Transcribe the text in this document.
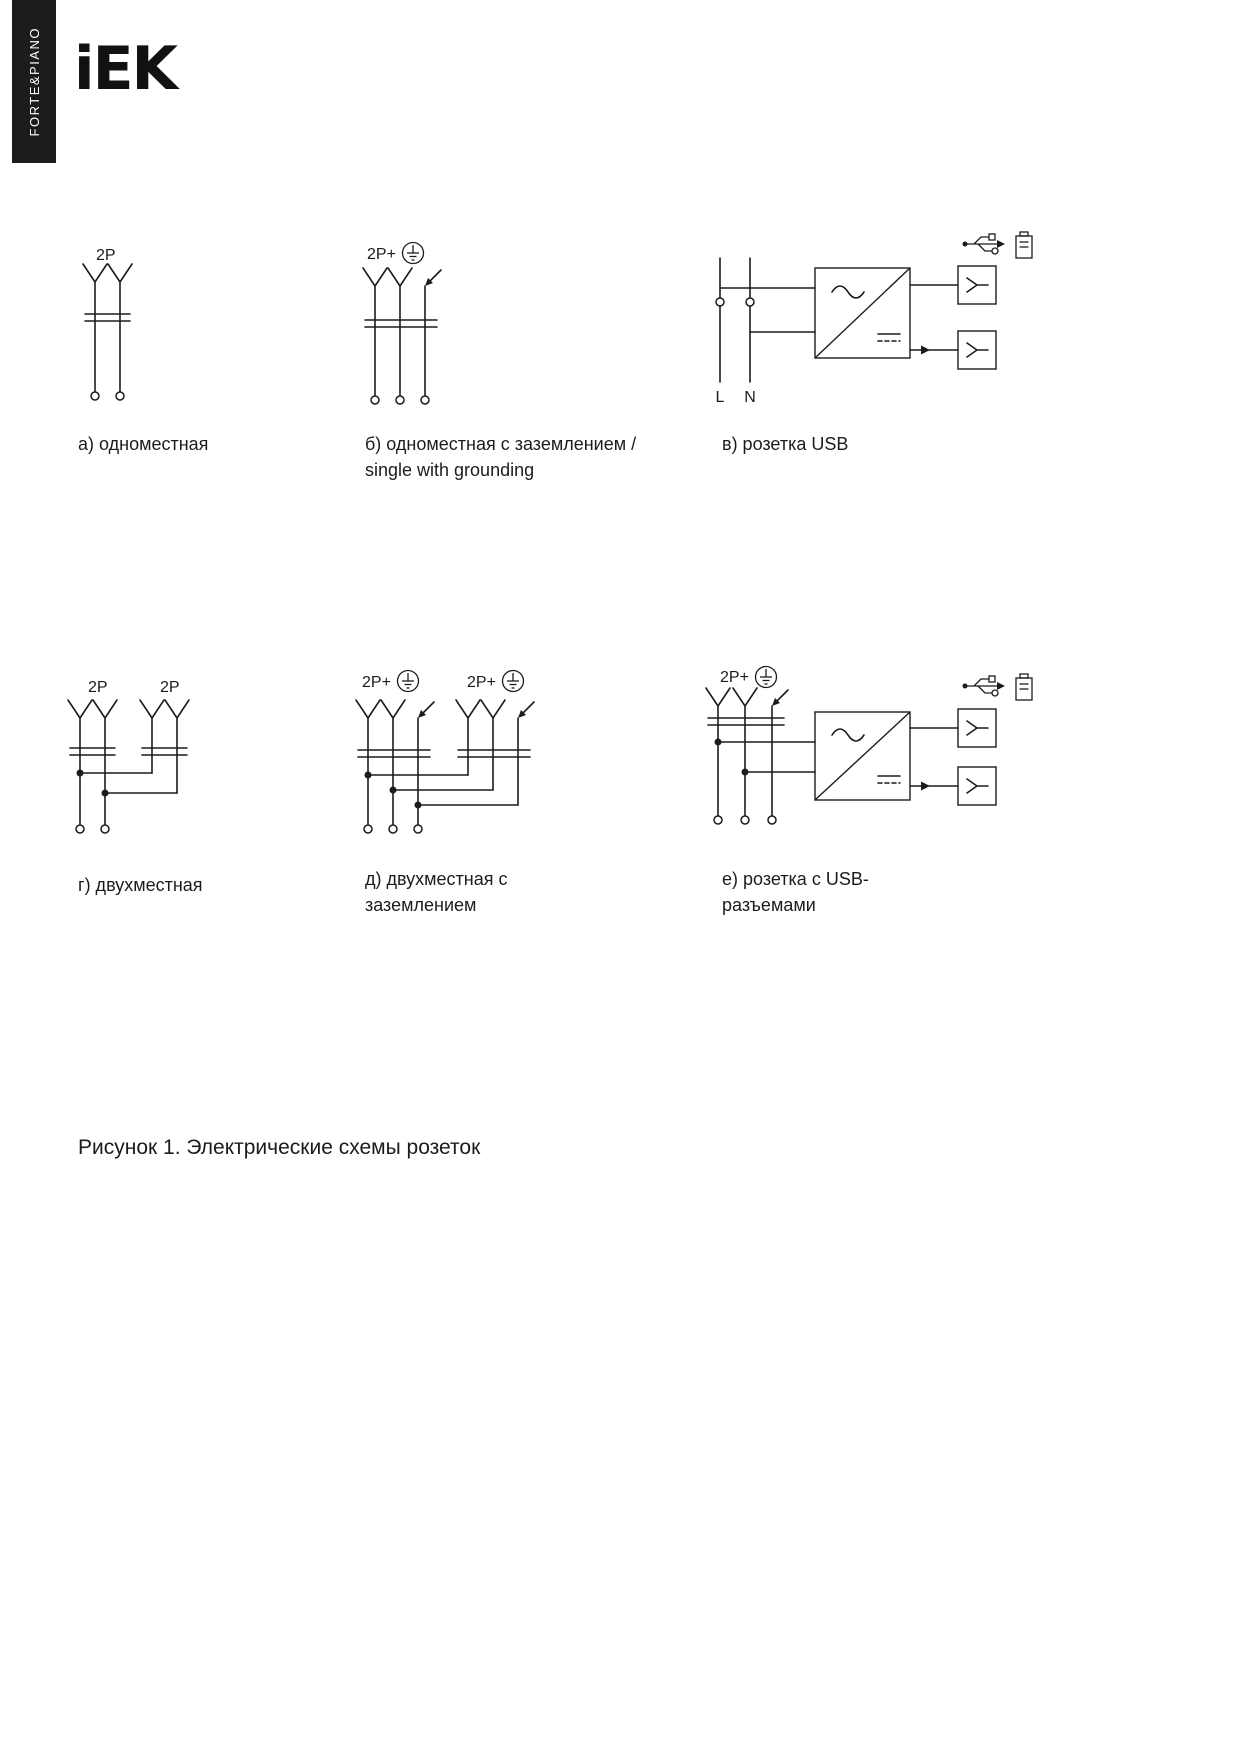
FORTE&PIANO iEK
2P	2P+
L N
2P	2P	2P+	2P+	2P+
а) одноместная	б) одноместная с заземлением /
single with grounding
в) розетка USB
г) двухместная	д) двухместная с
заземлением
е) розетка с USB-
разъемами
Рисунок 1. Электрические схемы розеток
